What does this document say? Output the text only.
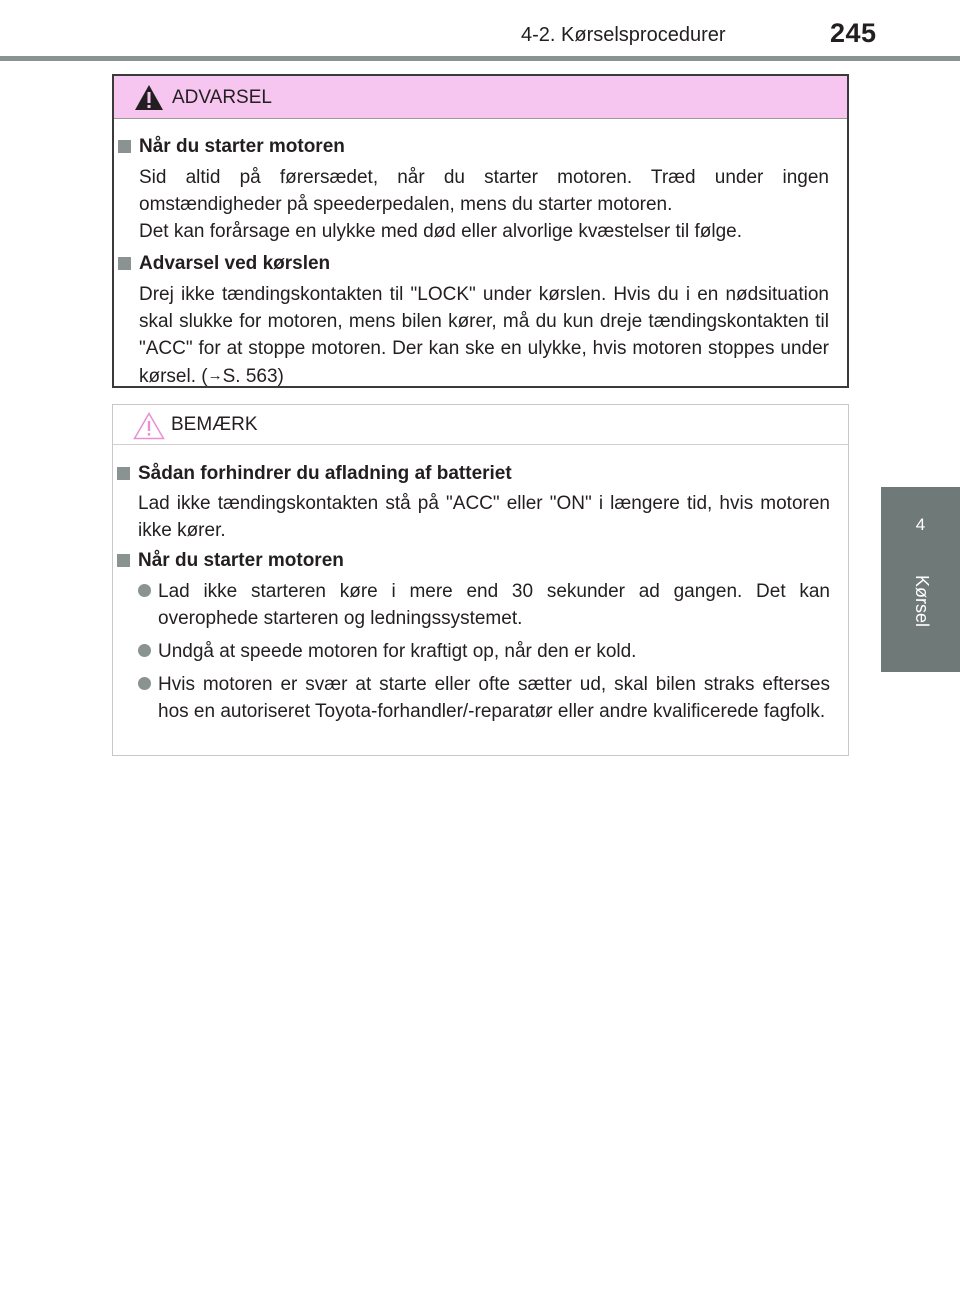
4-2. Kørselsprocedurer	245
4
Kørsel
ADVARSEL
Når du starter motoren
Sid altid på førersædet, når du starter motoren. Træd under ingen omstændigheder på speederpedalen, mens du starter motoren.
Det kan forårsage en ulykke med død eller alvorlige kvæstelser til følge.
Advarsel ved kørslen
Drej ikke tændingskontakten til "LOCK" under kørslen. Hvis du i en nødsituation skal slukke for motoren, mens bilen kører, må du kun dreje tændingskontakten til "ACC" for at stoppe motoren. Der kan ske en ulykke, hvis motoren stoppes under kørsel. (→S. 563)
BEMÆRK
Sådan forhindrer du afladning af batteriet
Lad ikke tændingskontakten stå på "ACC" eller "ON" i længere tid, hvis motoren ikke kører.
Når du starter motoren
Lad ikke starteren køre i mere end 30 sekunder ad gangen. Det kan overophede starteren og ledningssystemet.
Undgå at speede motoren for kraftigt op, når den er kold.
Hvis motoren er svær at starte eller ofte sætter ud, skal bilen straks efterses hos en autoriseret Toyota-forhandler/-reparatør eller andre kvalificerede fagfolk.
